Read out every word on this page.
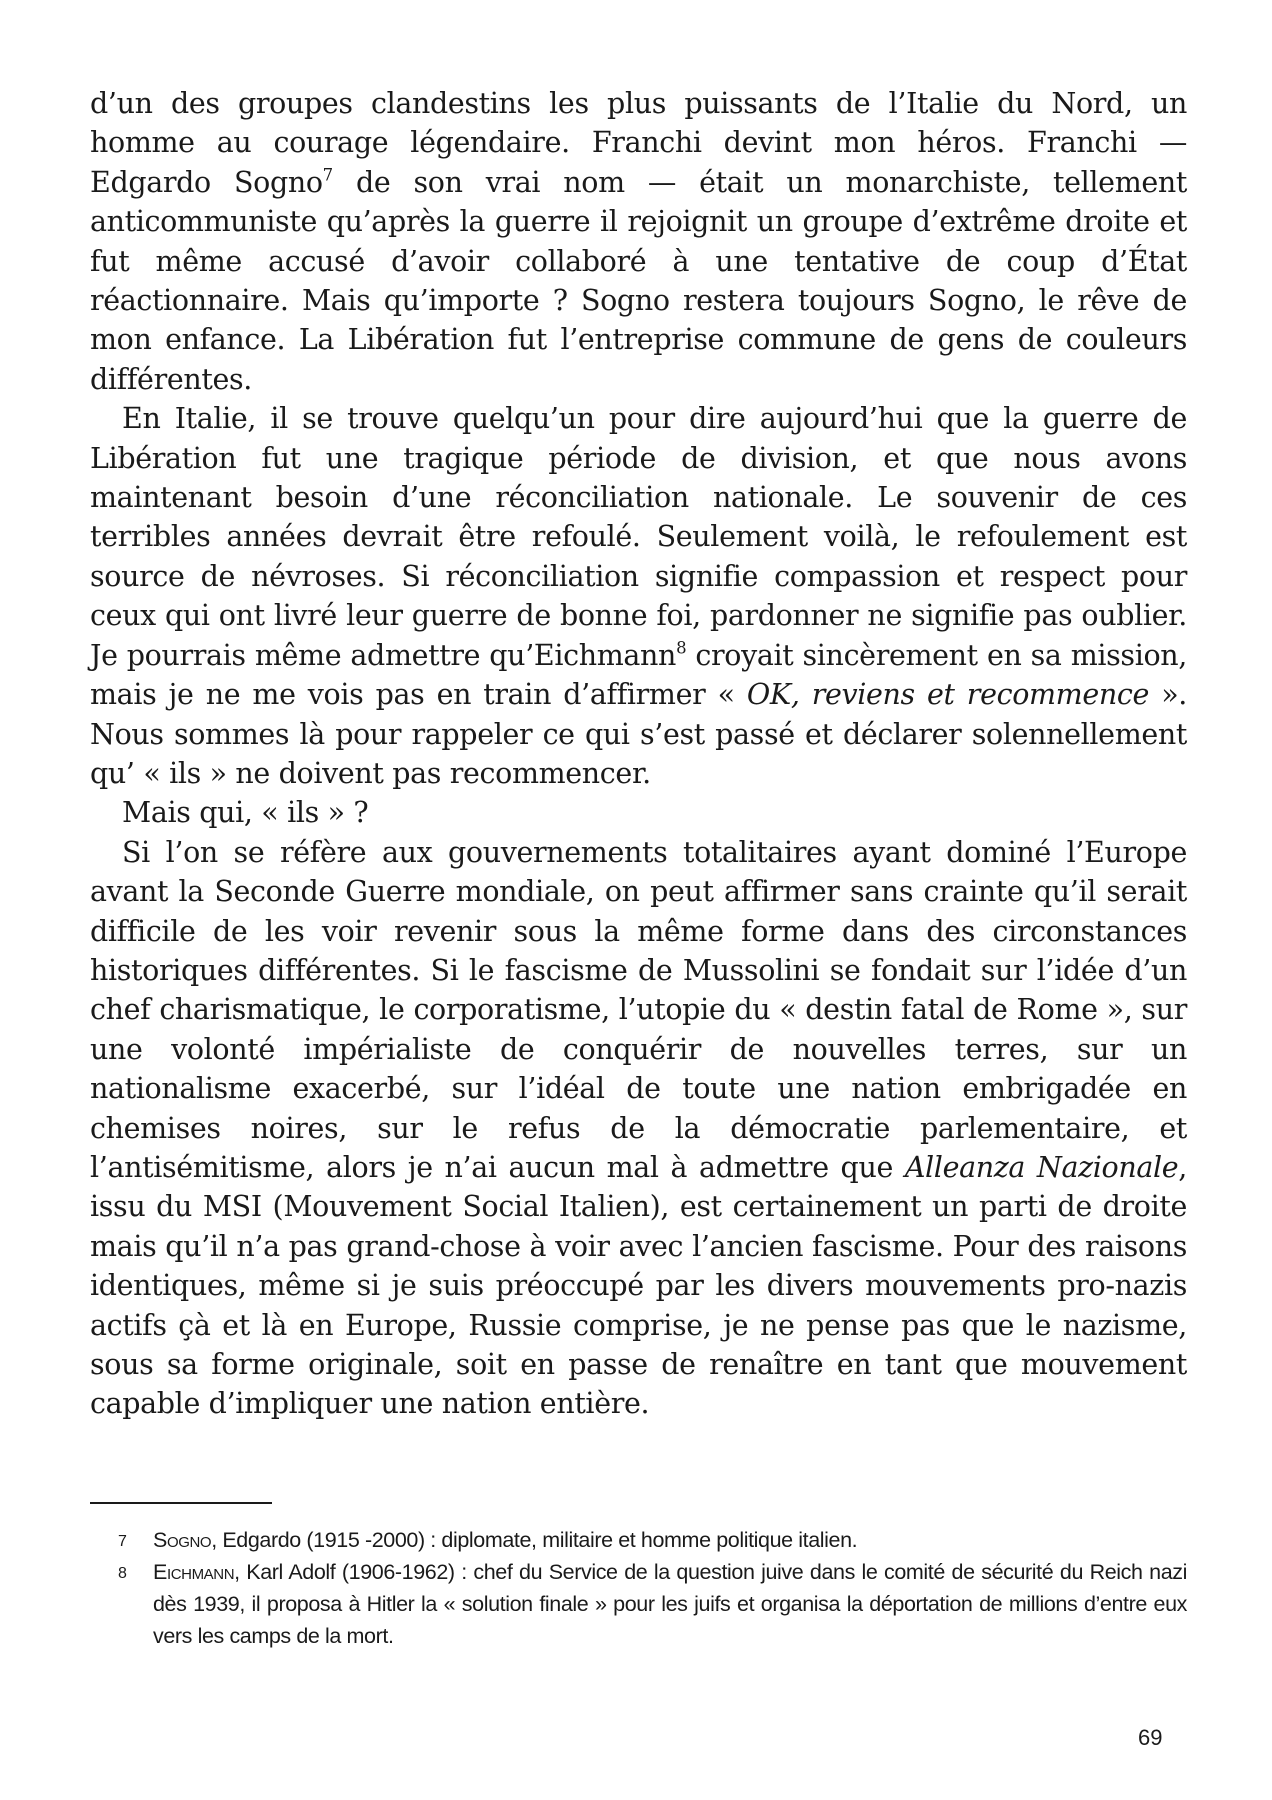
d’un des groupes clandestins les plus puissants de l’Italie du Nord, un homme au courage légendaire. Franchi devint mon héros. Franchi — Edgardo Sogno$^7$ de son vrai nom — était un monarchiste, tellement anticommuniste qu’après la guerre il rejoignit un groupe d’extrême droite et fut même accusé d’avoir collaboré à une tentative de coup d’État réactionnaire. Mais qu’importe ? Sogno restera toujours Sogno, le rêve de mon enfance. La Libération fut l’entreprise commune de gens de couleurs différentes.

En Italie, il se trouve quelqu’un pour dire aujourd’hui que la guerre de Libération fut une tragique période de division, et que nous avons maintenant besoin d’une réconciliation nationale. Le souvenir de ces terribles années devrait être refoulé. Seulement voilà, le refoulement est source de névroses. Si réconciliation signifie compassion et respect pour ceux qui ont livré leur guerre de bonne foi, pardonner ne signifie pas oublier. Je pourrais même admettre qu’Eichmann$^8$ croyait sincèrement en sa mission, mais je ne me vois pas en train d’affirmer « OK, reviens et recommence ». Nous sommes là pour rappeler ce qui s’est passé et déclarer solennellement qu’ « ils » ne doivent pas recommencer.

Mais qui, « ils » ?

Si l’on se réfère aux gouvernements totalitaires ayant dominé l’Europe avant la Seconde Guerre mondiale, on peut affirmer sans crainte qu’il serait difficile de les voir revenir sous la même forme dans des circonstances historiques différentes. Si le fascisme de Mussolini se fondait sur l’idée d’un chef charismatique, le corporatisme, l’utopie du « destin fatal de Rome », sur une volonté impérialiste de conquérir de nouvelles terres, sur un nationalisme exacerbé, sur l’idéal de toute une nation embrigadée en chemises noires, sur le refus de la démocratie parlementaire, et l’antisémitisme, alors je n’ai aucun mal à admettre que Alleanza Nazionale, issu du MSI (Mouvement Social Italien), est certainement un parti de droite mais qu’il n’a pas grand-chose à voir avec l’ancien fascisme. Pour des raisons identiques, même si je suis préoccupé par les divers mouvements pro-nazis actifs çà et là en Europe, Russie comprise, je ne pense pas que le nazisme, sous sa forme originale, soit en passe de renaître en tant que mouvement capable d’impliquer une nation entière.

7 Sogno, Edgardo (1915 -2000) : diplomate, militaire et homme politique italien.
8 Eichmann, Karl Adolf (1906-1962) : chef du Service de la question juive dans le comité de sécurité du Reich nazi dès 1939, il proposa à Hitler la « solution finale » pour les juifs et organisa la déportation de millions d’entre eux vers les camps de la mort.
69
